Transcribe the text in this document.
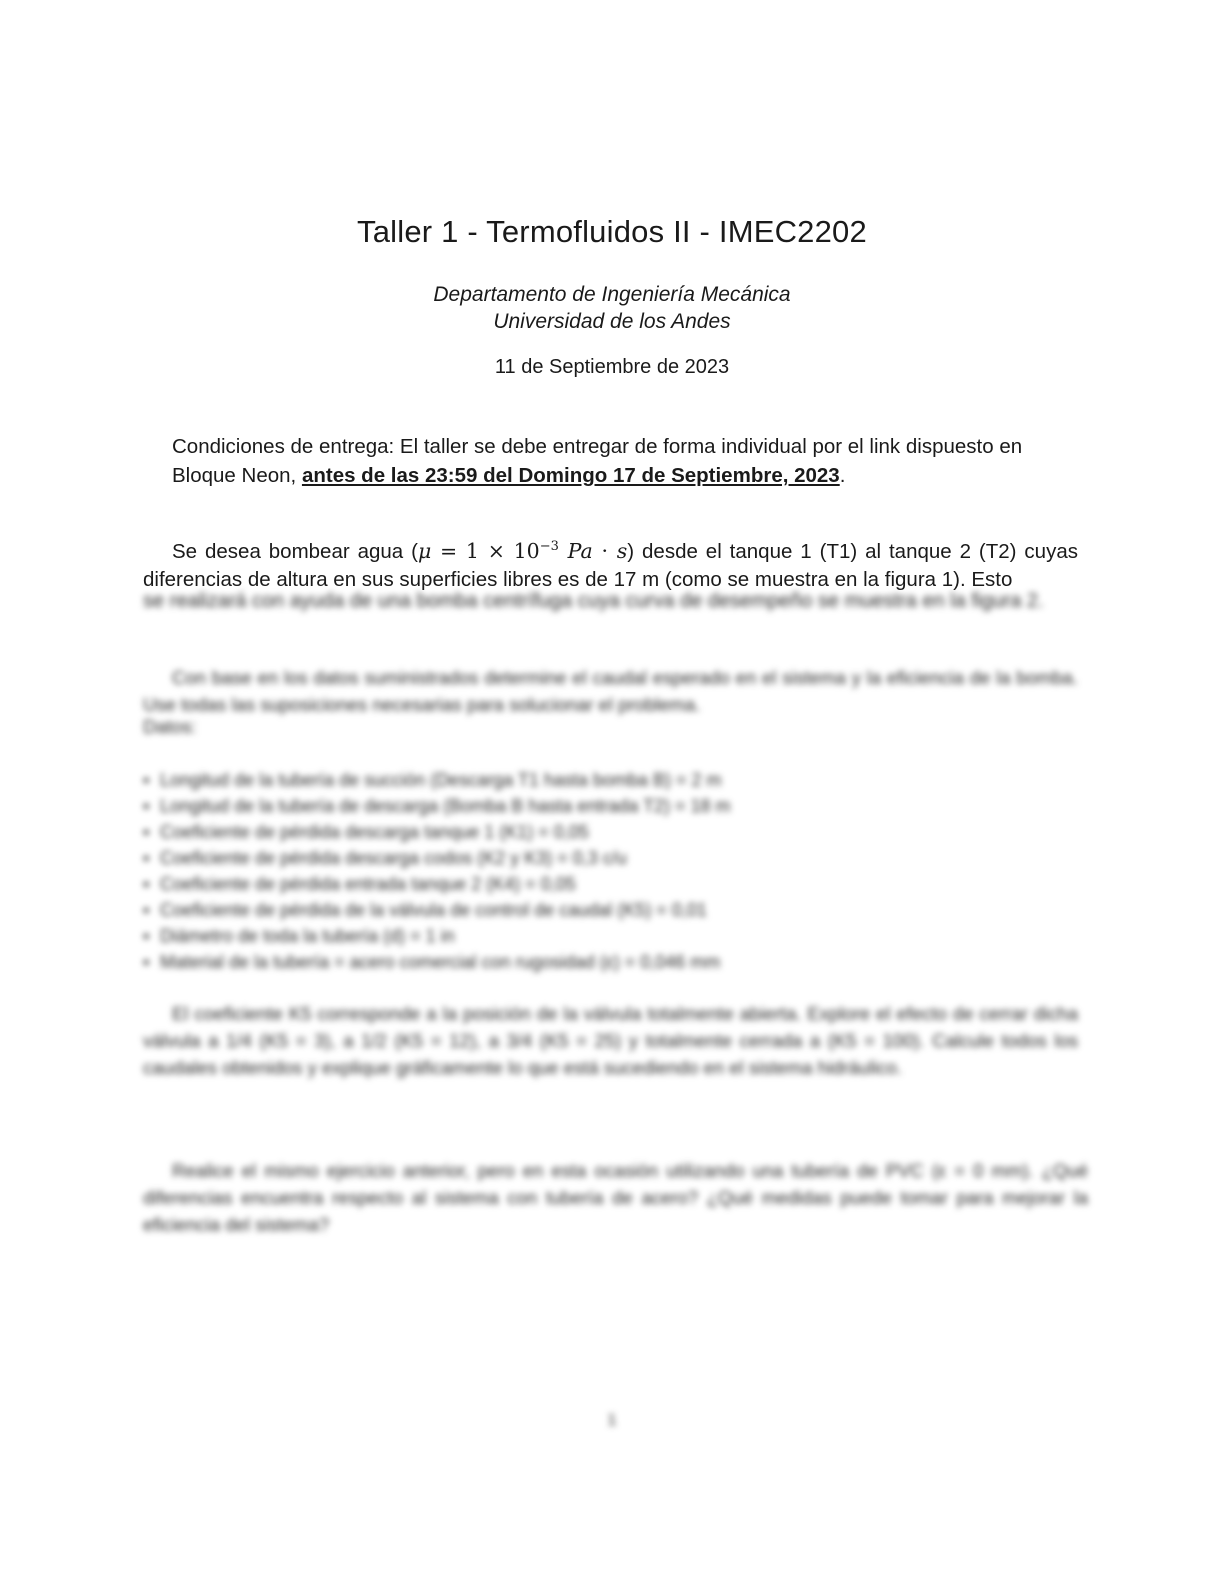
Taller 1 - Termofluidos II - IMEC2202
Departamento de Ingeniería Mecánica
Universidad de los Andes
11 de Septiembre de 2023
Condiciones de entrega: El taller se debe entregar de forma individual por el link dispuesto en Bloque Neon, antes de las 23:59 del Domingo 17 de Septiembre, 2023.
Se desea bombear agua ($\mu = 1 \times 10^{-3}$ Pa · s) desde el tanque 1 (T1) al tanque 2 (T2) cuyas diferencias de altura en sus superficies libres es de 17 m (como se muestra en la figura 1). Esto
se realizará con ayuda de una bomba centrífuga cuya curva de desempeño se muestra en la figura 2.
Con base en los datos suministrados determine el caudal esperado en el sistema y la eficiencia de la bomba. Use todas las suposiciones necesarias para solucionar el problema.
Datos:
▪ Longitud de la tubería de succión (Descarga T1 hasta bomba B) = 2 m
▪ Longitud de la tubería de descarga (Bomba B hasta entrada T2) = 18 m
▪ Coeficiente de pérdida descarga tanque 1 (K1) = 0,05
▪ Coeficiente de pérdida descarga codos (K2 y K3) = 0,3 c/u
▪ Coeficiente de pérdida entrada tanque 2 (K4) = 0,05
▪ Coeficiente de pérdida de la válvula de control de caudal (K5) = 0,01
▪ Diámetro de toda la tubería (d) = 1 in
▪ Material de la tubería = acero comercial con rugosidad (ε) = 0,046 mm
El coeficiente K5 corresponde a la posición de la válvula totalmente abierta. Explore el efecto de cerrar dicha válvula a 1/4 (K5 = 3), a 1/2 (K5 = 12), a 3/4 (K5 = 25) y totalmente cerrada a (K5 = 100). Calcule todos los caudales obtenidos y explique gráficamente lo que está sucediendo en el sistema hidráulico.
Realice el mismo ejercicio anterior, pero en esta ocasión utilizando una tubería de PVC (ε = 0 mm). ¿Qué diferencias encuentra respecto al sistema con tubería de acero? ¿Qué medidas puede tomar para mejorar la eficiencia del sistema?
1
